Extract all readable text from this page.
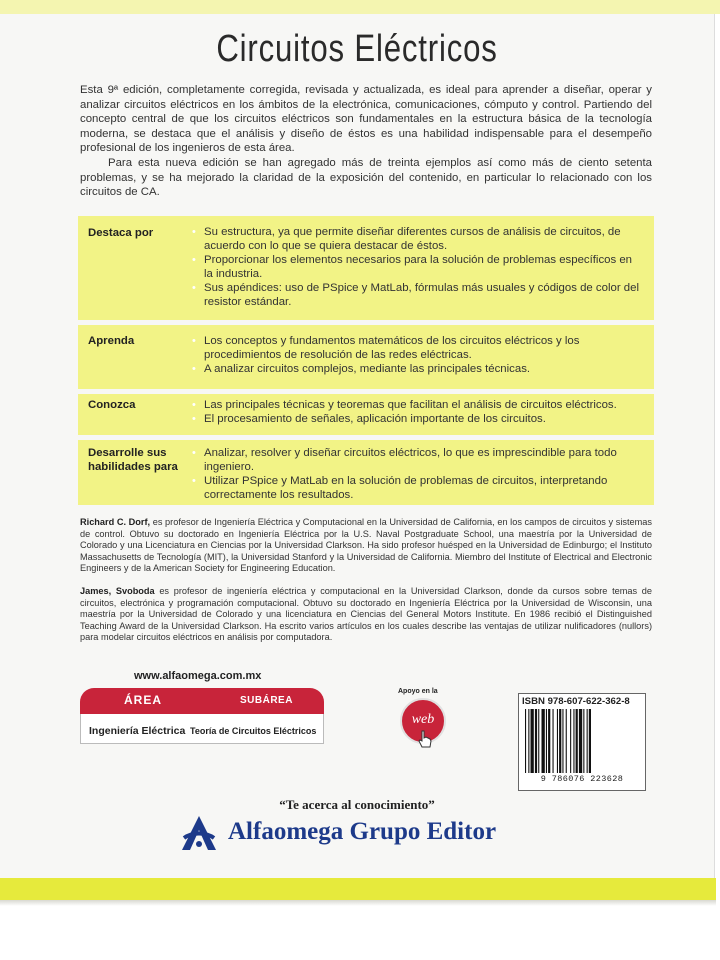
Circuitos Eléctricos

Esta 9ª edición, completamente corregida, revisada y actualizada, es ideal para aprender a diseñar, operar y analizar circuitos eléctricos en los ámbitos de la electrónica, comunicaciones, cómputo y control. Partiendo del concepto central de que los circuitos eléctricos son fundamentales en la estructura básica de la tecnología moderna, se destaca que el análisis y diseño de éstos es una habilidad indispensable para el desempeño profesional de los ingenieros de esta área.

Para esta nueva edición se han agregado más de treinta ejemplos así como más de ciento setenta problemas, y se ha mejorado la claridad de la exposición del contenido, en particular lo relacionado con los circuitos de CA.

Destaca por	• Su estructura, ya que permite diseñar diferentes cursos de análisis de circuitos, de acuerdo con lo que se quiera destacar de éstos.
• Proporcionar los elementos necesarios para la solución de problemas específicos en la industria.
• Sus apéndices: uso de PSpice y MatLab, fórmulas más usuales y códigos de color del resistor estándar.
Aprenda	• Los conceptos y fundamentos matemáticos de los circuitos eléctricos y los procedimientos de resolución de las redes eléctricas.
• A analizar circuitos complejos, mediante las principales técnicas.
Conozca	• Las principales técnicas y teoremas que facilitan el análisis de circuitos eléctricos.
• El procesamiento de señales, aplicación importante de los circuitos.
Desarrolle sus
habilidades para
• Analizar, resolver y diseñar circuitos eléctricos, lo que es imprescindible para todo ingeniero.
• Utilizar PSpice y MatLab en la solución de problemas de circuitos, interpretando correctamente los resultados.

Richard C. Dorf, es profesor de Ingeniería Eléctrica y Computacional en la Universidad de California, en los campos de circuitos y sistemas de control. Obtuvo su doctorado en Ingeniería Eléctrica por la U.S. Naval Postgraduate School, una maestría por la Universidad de Colorado y una Licenciatura en Ciencias por la Universidad Clarkson. Ha sido profesor huésped en la Universidad de Edinburgo; el Instituto Massachusetts de Tecnología (MIT), la Universidad Stanford y la Universidad de California. Miembro del Institute of Electrical and Electronic Engineers y de la American Society for Engineering Education.

James, Svoboda es profesor de ingeniería eléctrica y computacional en la Universidad Clarkson, donde da cursos sobre temas de circuitos, electrónica y programación computacional. Obtuvo su doctorado en Ingeniería Eléctrica por la Universidad de Wisconsin, una maestría por la Universidad de Colorado y una licenciatura en Ciencias del General Motors Institute. En 1986 recibió el Distinguished Teaching Award de la Universidad Clarkson. Ha escrito varios artículos en los cuales describe las ventajas de utilizar nulificadores (nullors) para modelar circuitos eléctricos en análisis por computadora.

www.alfaomega.com.mx
ÁREA	SUBÁREA
Ingeniería Eléctrica Teoría de Circuitos Eléctricos
Apoyo en la
web
ISBN 978-607-622-362-8
9 786076 223628
“Te acerca al conocimiento”
Alfaomega Grupo Editor
